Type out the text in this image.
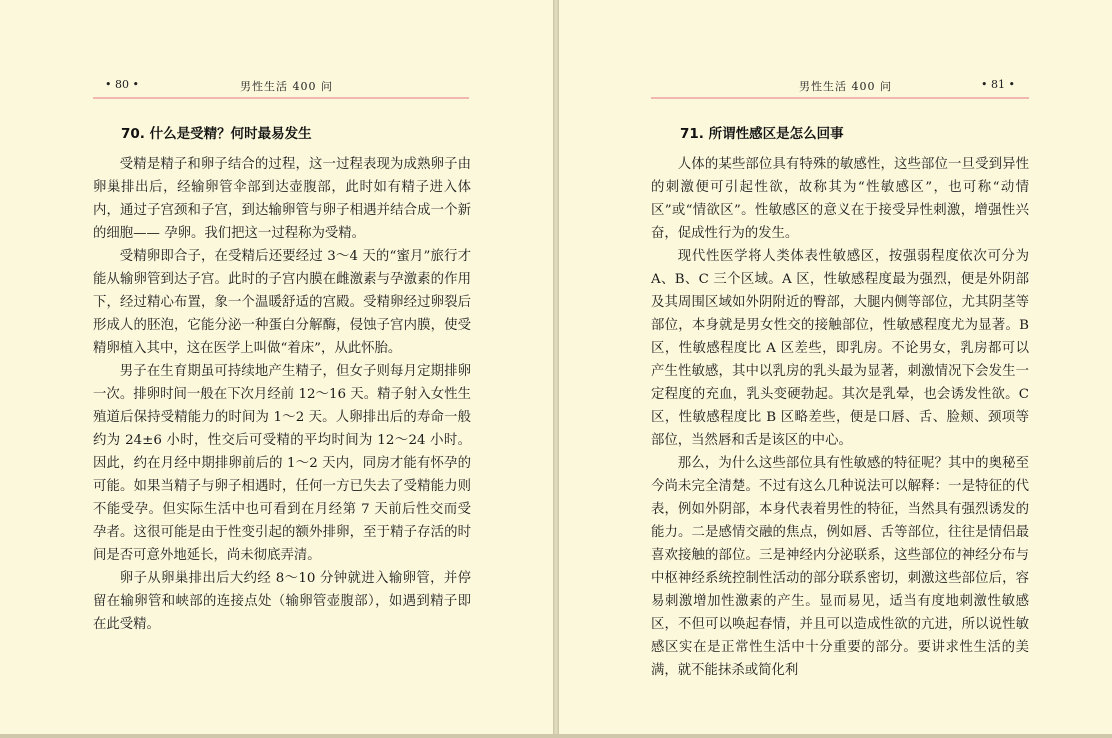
• 80 •	男性生活 400 问
70. 什么是受精？何时最易发生

受精是精子和卵子结合的过程，这一过程表现为成熟卵子由卵巢排出后，经输卵管伞部到达壶腹部，此时如有精子进入体内，通过子宫颈和子宫，到达输卵管与卵子相遇并结合成一个新的细胞—— 孕卵。我们把这一过程称为受精。

受精卵即合子，在受精后还要经过 3～4 天的“蜜月”旅行才能从输卵管到达子宫。此时的子宫内膜在雌激素与孕激素的作用下，经过精心布置，象一个温暖舒适的宫殿。受精卵经过卵裂后形成人的胚泡，它能分泌一种蛋白分解酶，侵蚀子宫内膜，使受精卵植入其中，这在医学上叫做“着床”，从此怀胎。

男子在生育期虽可持续地产生精子，但女子则每月定期排卵一次。排卵时间一般在下次月经前 12～16 天。精子射入女性生殖道后保持受精能力的时间为 1～2 天。人卵排出后的寿命一般约为 24±6 小时，性交后可受精的平均时间为 12～24 小时。因此，约在月经中期排卵前后的 1～2 天内，同房才能有怀孕的可能。如果当精子与卵子相遇时，任何一方已失去了受精能力则不能受孕。但实际生活中也可看到在月经第 7 天前后性交而受孕者。这很可能是由于性变引起的额外排卵，至于精子存活的时间是否可意外地延长，尚未彻底弄清。

卵子从卵巢排出后大约经 8～10 分钟就进入输卵管，并停留在输卵管和峡部的连接点处（输卵管壶腹部），如遇到精子即在此受精。

男性生活 400 问	• 81 •
71. 所谓性感区是怎么回事

人体的某些部位具有特殊的敏感性，这些部位一旦受到异性的刺激便可引起性欲，故称其为“性敏感区”，也可称“动情区”或“情欲区”。性敏感区的意义在于接受异性刺激，增强性兴奋，促成性行为的发生。

现代性医学将人类体表性敏感区，按强弱程度依次可分为 A、B、C 三个区域。A 区，性敏感程度最为强烈，便是外阴部及其周围区域如外阴附近的臀部，大腿内侧等部位，尤其阴茎等部位，本身就是男女性交的接触部位，性敏感程度尤为显著。B 区，性敏感程度比 A 区差些，即乳房。不论男女，乳房都可以产生性敏感，其中以乳房的乳头最为显著，刺激情况下会发生一定程度的充血，乳头变硬勃起。其次是乳晕，也会诱发性欲。C 区，性敏感程度比 B 区略差些，便是口唇、舌、脸颊、颈项等部位，当然唇和舌是该区的中心。

那么，为什么这些部位具有性敏感的特征呢？其中的奥秘至今尚未完全清楚。不过有这么几种说法可以解释：一是特征的代表，例如外阴部，本身代表着男性的特征，当然具有强烈诱发的能力。二是感情交融的焦点，例如唇、舌等部位，往往是情侣最喜欢接触的部位。三是神经内分泌联系，这些部位的神经分布与中枢神经系统控制性活动的部分联系密切，刺激这些部位后，容易刺激增加性激素的产生。显而易见，适当有度地刺激性敏感区，不但可以唤起春情，并且可以造成性欲的亢进，所以说性敏感区实在是正常性生活中十分重要的部分。要讲求性生活的美满，就不能抹杀或简化利
